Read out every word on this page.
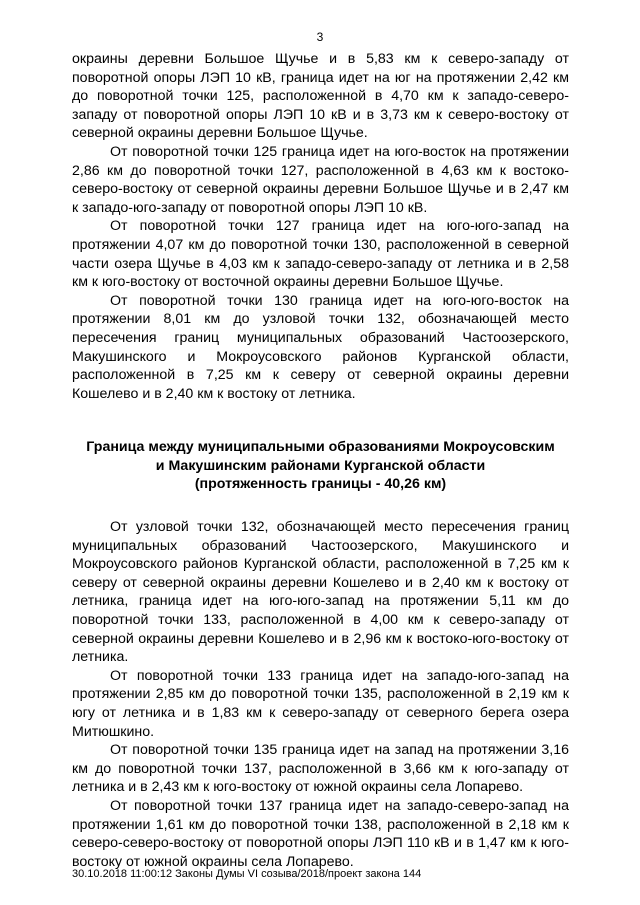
3

окраины деревни Большое Щучье и в 5,83 км к северо-западу от поворотной опоры ЛЭП 10 кВ, граница идет на юг на протяжении 2,42 км до поворотной точки 125, расположенной в 4,70 км к западо-северо-западу от поворотной опоры ЛЭП 10 кВ и в 3,73 км к северо-востоку от северной окраины деревни Большое Щучье.

От поворотной точки 125 граница идет на юго-восток на протяжении 2,86 км до поворотной точки 127, расположенной в 4,63 км к востоко-северо-востоку от северной окраины деревни Большое Щучье и в 2,47 км к западо-юго-западу от поворотной опоры ЛЭП 10 кВ.

От поворотной точки 127 граница идет на юго-юго-запад на протяжении 4,07 км до поворотной точки 130, расположенной в северной части озера Щучье в 4,03 км к западо-северо-западу от летника и в 2,58 км к юго-востоку от восточной окраины деревни Большое Щучье.

От поворотной точки 130 граница идет на юго-юго-восток на протяжении 8,01 км до узловой точки 132, обозначающей место пересечения границ муниципальных образований Частоозерского, Макушинского и Мокроусовского районов Курганской области, расположенной в 7,25 км к северу от северной окраины деревни Кошелево и в 2,40 км к востоку от летника.

Граница между муниципальными образованиями Мокроусовским
и Макушинским районами Курганской области
(протяженность границы - 40,26 км)

От узловой точки 132, обозначающей место пересечения границ муниципальных образований Частоозерского, Макушинского и Мокроусовского районов Курганской области, расположенной в 7,25 км к северу от северной окраины деревни Кошелево и в 2,40 км к востоку от летника, граница идет на юго-юго-запад на протяжении 5,11 км до поворотной точки 133, расположенной в 4,00 км к северо-западу от северной окраины деревни Кошелево и в 2,96 км к востоко-юго-востоку от летника.

От поворотной точки 133 граница идет на западо-юго-запад на протяжении 2,85 км до поворотной точки 135, расположенной в 2,19 км к югу от летника и в 1,83 км к северо-западу от северного берега озера Митюшкино.

От поворотной точки 135 граница идет на запад на протяжении 3,16 км до поворотной точки 137, расположенной в 3,66 км к юго-западу от летника и в 2,43 км к юго-востоку от южной окраины села Лопарево.

От поворотной точки 137 граница идет на западо-северо-запад на протяжении 1,61 км до поворотной точки 138, расположенной в 2,18 км к северо-северо-востоку от поворотной опоры ЛЭП 110 кВ и в 1,47 км к юго-востоку от южной окраины села Лопарево.

30.10.2018 11:00:12 Законы Думы VI созыва/2018/проект закона 144
